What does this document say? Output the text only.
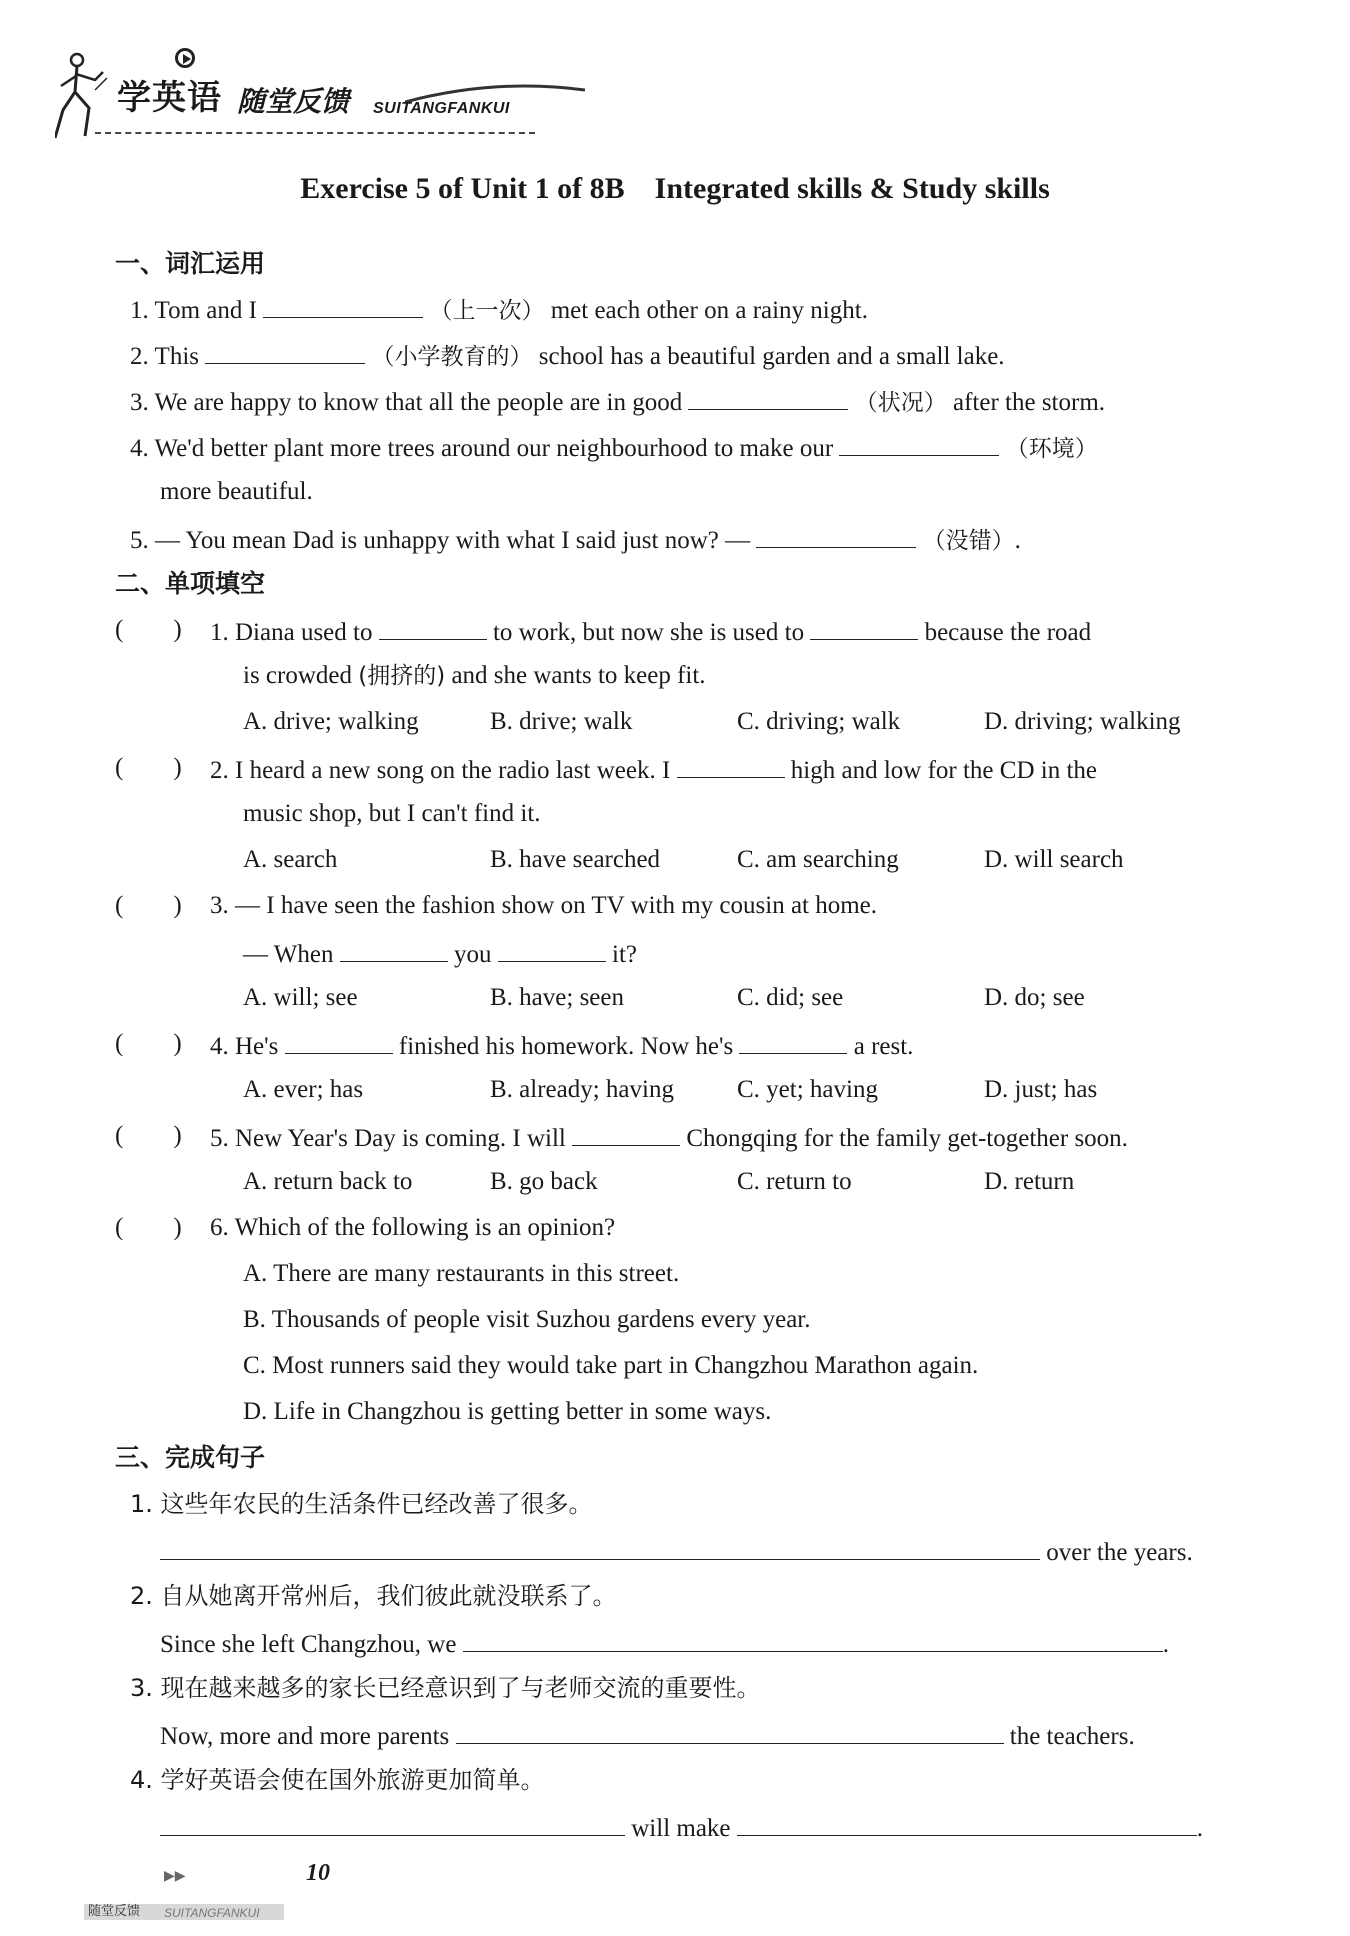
学英语 随堂反馈 SUITANGFANKUI
Exercise 5 of Unit 1 of 8B    Integrated skills & Study skills
一、词汇运用
1. Tom and I	（上一次） met each other on a rainy night.
2. This	（小学教育的） school has a beautiful garden and a small lake.
3. We are happy to know that all the people are in good	（状况） after the storm.
4. We'd better plant more trees around our neighbourhood to make our	（环境）
more beautiful.
5. — You mean Dad is unhappy with what I said just now? —	（没错）.
二、单项填空
(　　) 1. Diana used to	to work, but now she is used to	because the road
is crowded (拥挤的) and she wants to keep fit.
A. drive; walking	B. drive; walk	C. driving; walk	D. driving; walking
(　　) 2. I heard a new song on the radio last week. I	high and low for the CD in the
music shop, but I can't find it.
A. search	B. have searched	C. am searching	D. will search
(　　) 3. — I have seen the fashion show on TV with my cousin at home.
— When	you	it?
A. will; see	B. have; seen	C. did; see	D. do; see
(　　) 4. He's	finished his homework. Now he's	a rest.
A. ever; has	B. already; having	C. yet; having	D. just; has
(　　) 5. New Year's Day is coming. I will	Chongqing for the family get-together soon.
A. return back to	B. go back	C. return to	D. return
(　　) 6. Which of the following is an opinion?
A. There are many restaurants in this street.
B. Thousands of people visit Suzhou gardens every year.
C. Most runners said they would take part in Changzhou Marathon again.
D. Life in Changzhou is getting better in some ways.
三、完成句子
1. 这些年农民的生活条件已经改善了很多。
over the years.
2. 自从她离开常州后，我们彼此就没联系了。
Since she left Changzhou, we	.
3. 现在越来越多的家长已经意识到了与老师交流的重要性。
Now, more and more parents	the teachers.
4. 学好英语会使在国外旅游更加简单。
will make	.
▶▶	10
随堂反馈 SUITANGFANKUI
